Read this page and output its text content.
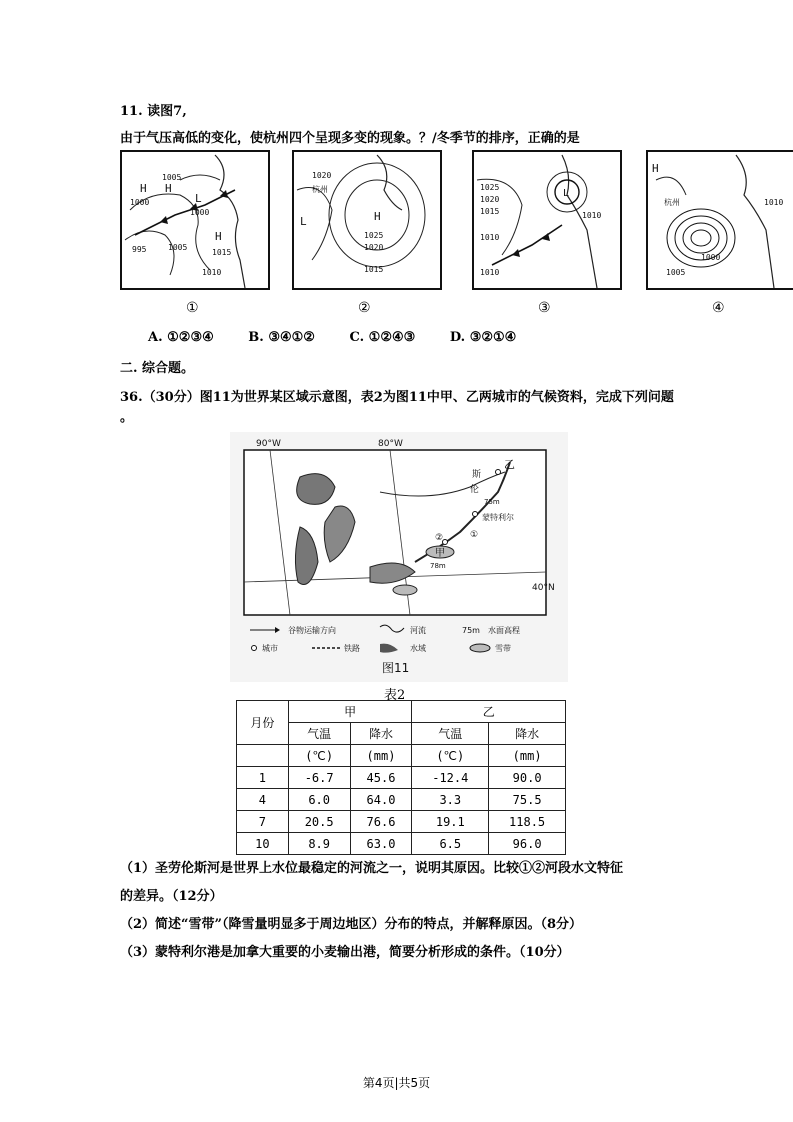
11. 读图7,
由于气压高低的变化，使杭州四个呈现多变的现象。？/冬季节的排序，正确的是
1005
H H
1000	L
1000
995	1005
H
1015
1010
①
1020
杭州
L	H
1025
1020
1015
②
1025
1020
1015
1010
1010
L
1010
③
H
杭州	1010
1005
1000
④
A. ①②③④	B. ③④①②	C. ①②④③	D. ③②①④
二. 综合题。
36.（30分）图11为世界某区域示意图，表2为图11中甲、乙两城市的气候资料，完成下列问题
。
90°W	80°W
40°N
乙
斯
伦
75m
蒙特利尔
①
②
甲
78m
谷物运输方向	河流	75m 水面高程
城市	铁路	水域	雪带
图11
表2
月份	甲		乙	
	气温	降水	气温	降水
	(℃)	(mm)	(℃)	(mm)
1	-6.7	45.6	-12.4	90.0
4	6.0	64.0	3.3	75.5
7	20.5	76.6	19.1	118.5
10	8.9	63.0	6.5	96.0
（1）圣劳伦斯河是世界上水位最稳定的河流之一，说明其原因。比较①②河段水文特征
的差异。（12分）
（2）简述“雪带”（降雪量明显多于周边地区）分布的特点，并解释原因。（8分）
（3）蒙特利尔港是加拿大重要的小麦输出港，简要分析形成的条件。（10分）
第4页|共5页
